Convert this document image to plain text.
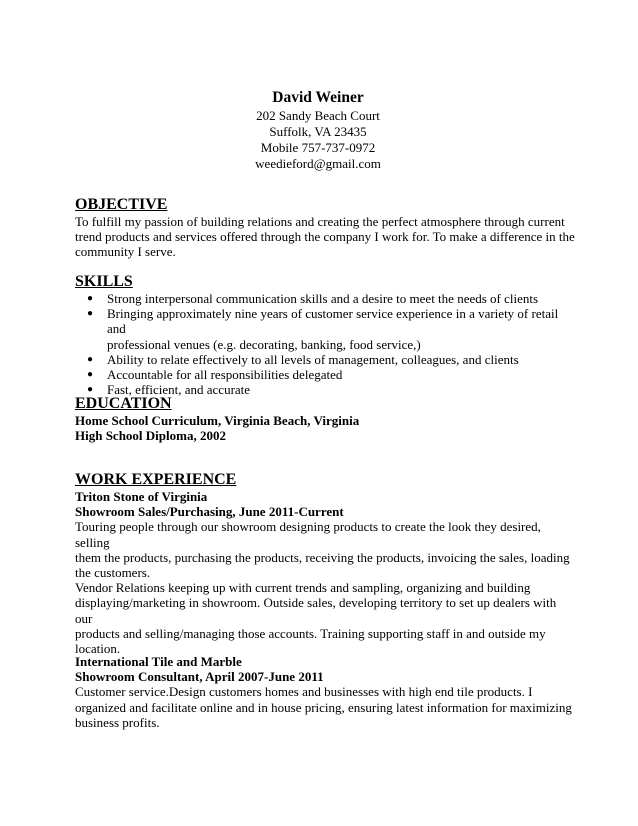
David Weiner
202 Sandy Beach Court
Suffolk, VA 23435
Mobile 757-737-0972
weedieford@gmail.com
OBJECTIVE
To fulfill my passion of building relations and creating the perfect atmosphere through current
trend products and services offered through the company I work for. To make a difference in the
community I serve.
SKILLS
● Strong interpersonal communication skills and a desire to meet the needs of clients
● Bringing approximately nine years of customer service experience in a variety of retail and
professional venues (e.g. decorating, banking, food service,)
● Ability to relate effectively to all levels of management, colleagues, and clients
● Accountable for all responsibilities delegated
● Fast, efficient, and accurate
EDUCATION
Home School Curriculum, Virginia Beach, Virginia
High School Diploma, 2002
WORK EXPERIENCE
Triton Stone of Virginia
Showroom Sales/Purchasing, June 2011-Current
Touring people through our showroom designing products to create the look they desired, selling
them the products, purchasing the products, receiving the products, invoicing the sales, loading
the customers.
Vendor Relations keeping up with current trends and sampling, organizing and building
displaying/marketing in showroom. Outside sales, developing territory to set up dealers with our
products and selling/managing those accounts. Training supporting staff in and outside my
location.
International Tile and Marble
Showroom Consultant, April 2007-June 2011
Customer service.Design customers homes and businesses with high end tile products. I
organized and facilitate online and in house pricing, ensuring latest information for maximizing
business profits.
